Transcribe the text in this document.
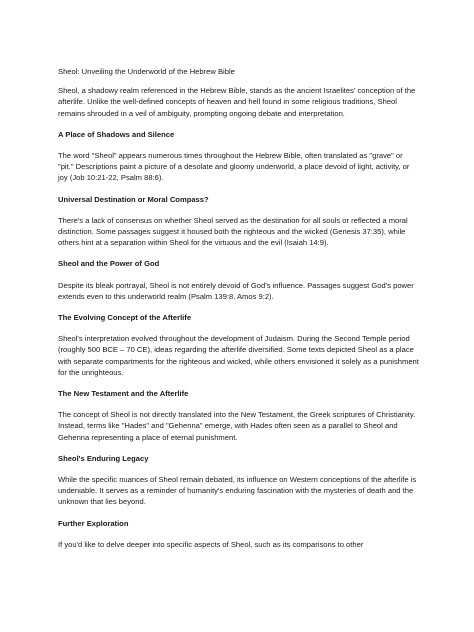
Sheol: Unveiling the Underworld of the Hebrew Bible

Sheol, a shadowy realm referenced in the Hebrew Bible, stands as the ancient Israelites' conception of the afterlife. Unlike the well-defined concepts of heaven and hell found in some religious traditions, Sheol remains shrouded in a veil of ambiguity, prompting ongoing debate and interpretation.

A Place of Shadows and Silence

The word "Sheol" appears numerous times throughout the Hebrew Bible, often translated as "grave" or "pit." Descriptions paint a picture of a desolate and gloomy underworld, a place devoid of light, activity, or joy (Job 10:21-22, Psalm 88:6).

Universal Destination or Moral Compass?

There's a lack of consensus on whether Sheol served as the destination for all souls or reflected a moral distinction. Some passages suggest it housed both the righteous and the wicked (Genesis 37:35), while others hint at a separation within Sheol for the virtuous and the evil (Isaiah 14:9).

Sheol and the Power of God

Despite its bleak portrayal, Sheol is not entirely devoid of God's influence. Passages suggest God's power extends even to this underworld realm (Psalm 139:8, Amos 9:2).

The Evolving Concept of the Afterlife

Sheol's interpretation evolved throughout the development of Judaism. During the Second Temple period (roughly 500 BCE – 70 CE), ideas regarding the afterlife diversified. Some texts depicted Sheol as a place with separate compartments for the righteous and wicked, while others envisioned it solely as a punishment for the unrighteous.

The New Testament and the Afterlife

The concept of Sheol is not directly translated into the New Testament, the Greek scriptures of Christianity. Instead, terms like "Hades" and "Gehenna" emerge, with Hades often seen as a parallel to Sheol and Gehenna representing a place of eternal punishment.

Sheol's Enduring Legacy

While the specific nuances of Sheol remain debated, its influence on Western conceptions of the afterlife is undeniable. It serves as a reminder of humanity's enduring fascination with the mysteries of death and the unknown that lies beyond.

Further Exploration

If you'd like to delve deeper into specific aspects of Sheol, such as its comparisons to other
